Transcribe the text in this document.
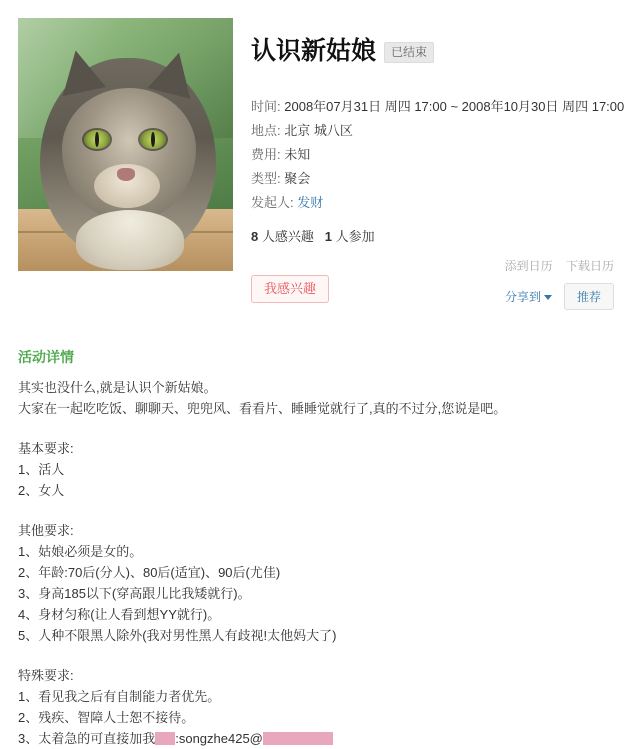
认识新姑娘	已结束
时间: 2008年07月31日 周四 17:00 ~ 2008年10月30日 周四 17:00
地点: 北京 城八区
费用: 未知
类型: 聚会
发起人: 发财
8 人感兴趣 1 人参加
我感兴趣
添到日历 下载日历
分享到	推荐
活动详情

其实也没什么,就是认识个新姑娘。

大家在一起吃吃饭、聊聊天、兜兜风、看看片、睡睡觉就行了,真的不过分,您说是吧。

基本要求:

1、活人

2、女人

其他要求:

1、姑娘必须是女的。

2、年龄:70后(分人)、80后(适宜)、90后(尤佳)

3、身高185以下(穿高跟儿比我矮就行)。

4、身材匀称(让人看到想YY就行)。

5、人种不限黑人除外(我对男性黑人有歧视!太他妈大了)

特殊要求:

1、看见我之后有自制能力者优先。

2、残疾、智障人士恕不接待。

3、太着急的可直接加我 :songzhe425@
